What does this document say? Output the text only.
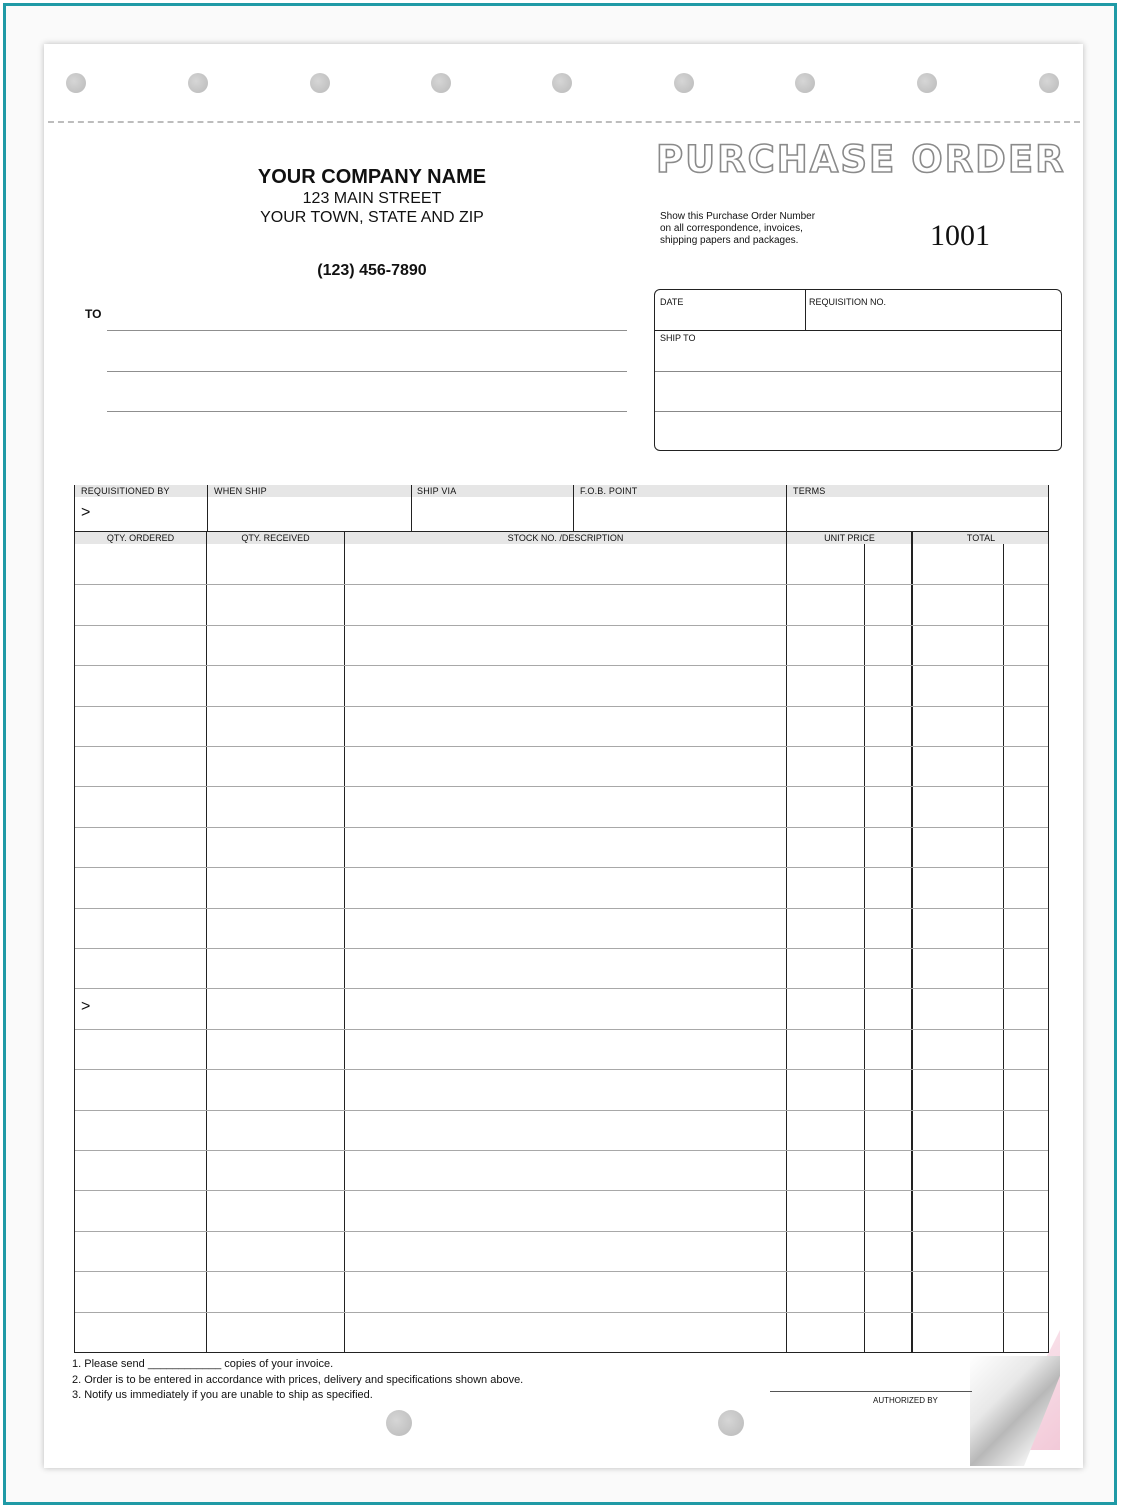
YOUR COMPANY NAME
123 MAIN STREET
YOUR TOWN, STATE AND ZIP
(123) 456-7890
PURCHASE ORDER
Show this Purchase Order Number
on all correspondence, invoices,
shipping papers and packages.	1001
TO
DATE	REQUISITION NO.
SHIP TO
REQUISITIONED BY	WHEN SHIP	SHIP VIA	F.O.B. POINT	TERMS
>
QTY. ORDERED	QTY. RECEIVED	STOCK NO. /DESCRIPTION	UNIT PRICE	TOTAL
>
1. Please send ____________ copies of your invoice.
2. Order is to be entered in accordance with prices, delivery and specifications shown above.
3. Notify us immediately if you are unable to ship as specified.	AUTHORIZED BY
